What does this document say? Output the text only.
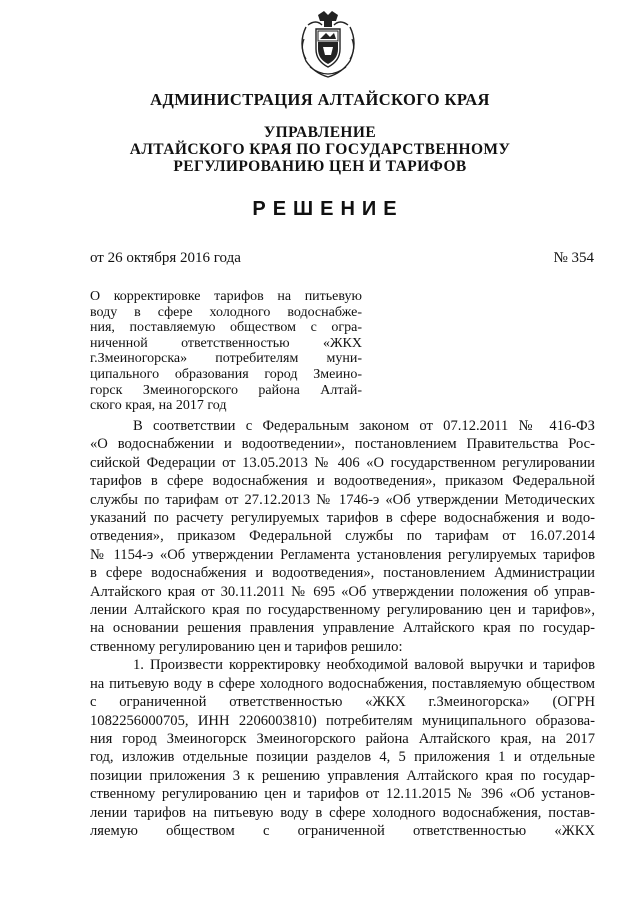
АДМИНИСТРАЦИЯ АЛТАЙСКОГО КРАЯ
УПРАВЛЕНИЕ
АЛТАЙСКОГО КРАЯ ПО ГОСУДАРСТВЕННОМУ
РЕГУЛИРОВАНИЮ ЦЕН И ТАРИФОВ
РЕШЕНИЕ
от 26 октября 2016 года	№ 354
О корректировке тарифов на питьевую
воду в сфере холодного водоснабже-
ния, поставляемую обществом с огра-
ниченной ответственностью «ЖКХ
г.Змеиногорска» потребителям муни-
ципального образования город Змеино-
горск Змеиногорского района Алтай-
ского края, на 2017 год
В соответствии с Федеральным законом от 07.12.2011 № 416-ФЗ
«О водоснабжении и водоотведении», постановлением Правительства Рос-
сийской Федерации от 13.05.2013 № 406 «О государственном регулировании
тарифов в сфере водоснабжения и водоотведения», приказом Федеральной
службы по тарифам от 27.12.2013 № 1746-э «Об утверждении Методических
указаний по расчету регулируемых тарифов в сфере водоснабжения и водо-
отведения», приказом Федеральной службы по тарифам от 16.07.2014
№ 1154-э «Об утверждении Регламента установления регулируемых тарифов
в сфере водоснабжения и водоотведения», постановлением Администрации
Алтайского края от 30.11.2011 № 695 «Об утверждении положения об управ-
лении Алтайского края по государственному регулированию цен и тарифов»,
на основании решения правления управление Алтайского края по государ-
ственному регулированию цен и тарифов решило:
1. Произвести корректировку необходимой валовой выручки и тарифов
на питьевую воду в сфере холодного водоснабжения, поставляемую обществом
с ограниченной ответственностью «ЖКХ г.Змеиногорска» (ОГРН
1082256000705, ИНН 2206003810) потребителям муниципального образова-
ния город Змеиногорск Змеиногорского района Алтайского края, на 2017
год, изложив отдельные позиции разделов 4, 5 приложения 1 и отдельные
позиции приложения 3 к решению управления Алтайского края по государ-
ственному регулированию цен и тарифов от 12.11.2015 № 396 «Об установ-
лении тарифов на питьевую воду в сфере холодного водоснабжения, постав-
ляемую обществом с ограниченной ответственностью «ЖКХ
